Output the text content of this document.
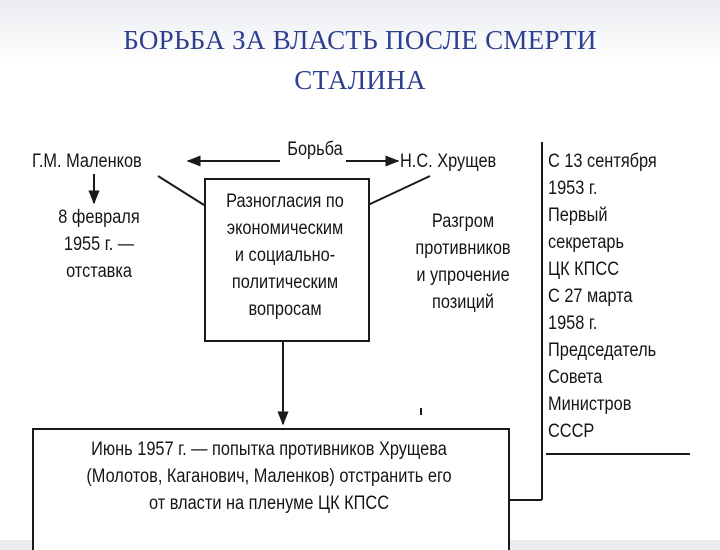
БОРЬБА ЗА ВЛАСТЬ ПОСЛЕ СМЕРТИ
СТАЛИНА
Борьба
Г.М. Маленков	Н.С. Хрущев
8 февраля
1955 г. —
отставка
Разногласия по
экономическим
и социально-
политическим
вопросам
Разгром
противников
и упрочение
позиций
С 13 сентября
1953 г.
Первый
секретарь
ЦК КПСС
С 27 марта
1958 г.
Председатель
Совета
Министров
СССР
Июнь 1957 г. — попытка противников Хрущева
(Молотов, Каганович, Маленков) отстранить его
от власти на пленуме ЦК КПСС
